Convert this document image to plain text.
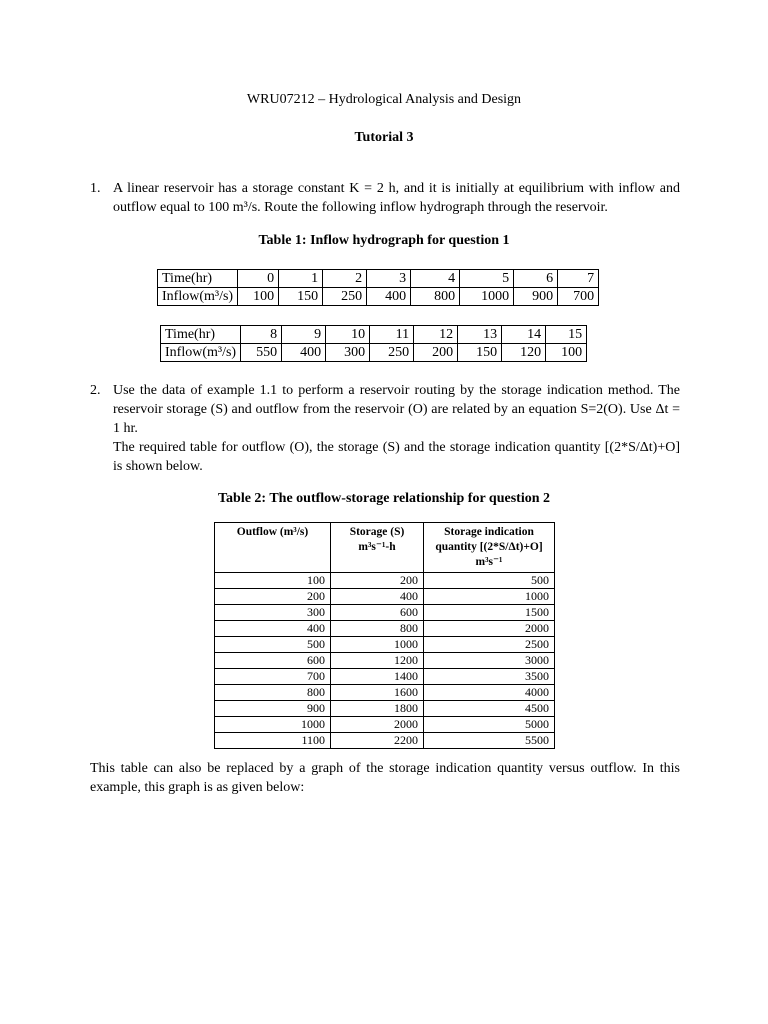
WRU07212 – Hydrological Analysis and Design
Tutorial 3
1. A linear reservoir has a storage constant K = 2 h, and it is initially at equilibrium with inflow and outflow equal to 100 m³/s. Route the following inflow hydrograph through the reservoir.
Table 1: Inflow hydrograph for question 1
Time(hr)	0	1	2	3	4	5	6	7
Inflow(m³/s)	100	150	250	400	800	1000	900	700
Time(hr)	8	9	10	11	12	13	14	15
Inflow(m³/s)	550	400	300	250	200	150	120	100
2. Use the data of example 1.1 to perform a reservoir routing by the storage indication method. The reservoir storage (S) and outflow from the reservoir (O) are related by an equation S=2(O). Use Δt = 1 hr.
The required table for outflow (O), the storage (S) and the storage indication quantity [(2*S/Δt)+O] is shown below.
Table 2: The outflow-storage relationship for question 2
Outflow (m³/s)	Storage (S) m³s⁻¹-h	Storage indication quantity [(2*S/Δt)+O] m³s⁻¹
100	200	500
200	400	1000
300	600	1500
400	800	2000
500	1000	2500
600	1200	3000
700	1400	3500
800	1600	4000
900	1800	4500
1000	2000	5000
1100	2200	5500
This table can also be replaced by a graph of the storage indication quantity versus outflow. In this example, this graph is as given below:
